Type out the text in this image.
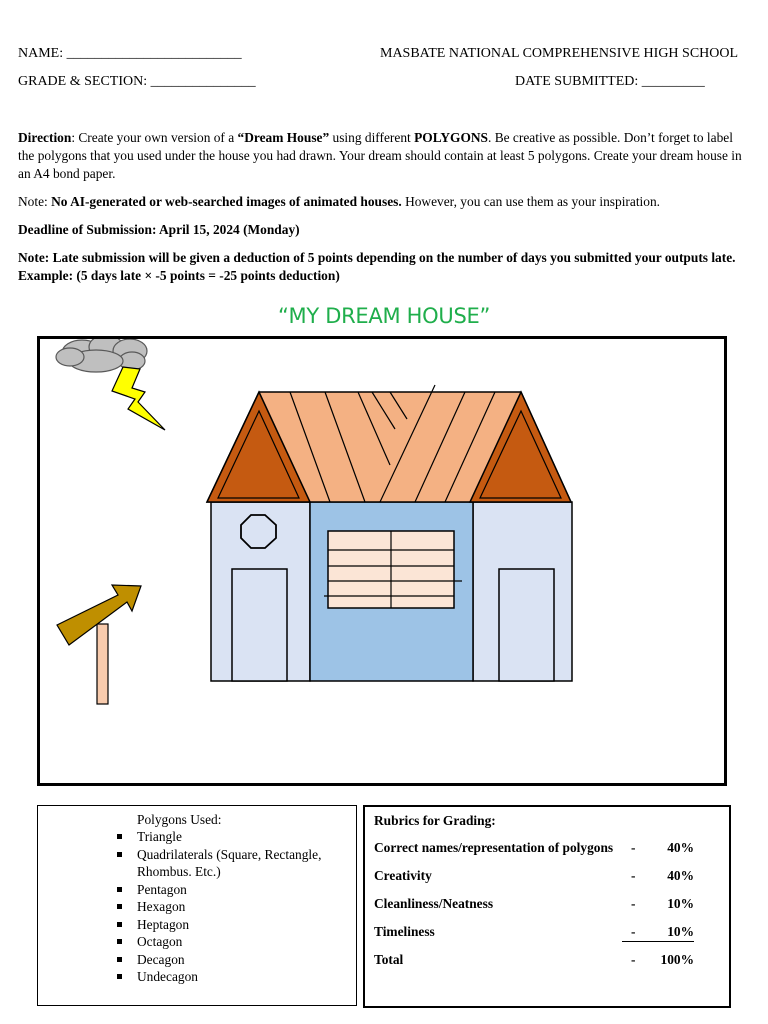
NAME: _________________________	MASBATE NATIONAL COMPREHENSIVE HIGH SCHOOL
GRADE & SECTION: _______________	DATE SUBMITTED: _________

Direction: Create your own version of a “Dream House” using different POLYGONS. Be creative as possible. Don’t forget to label the polygons that you used under the house you had drawn. Your dream should contain at least 5 polygons. Create your dream house in an A4 bond paper.

Note: No AI-generated or web-searched images of animated houses. However, you can use them as your inspiration.

Deadline of Submission: April 15, 2024 (Monday)

Note: Late submission will be given a deduction of 5 points depending on the number of days you submitted your outputs late. Example: (5 days late × -5 points = -25 points deduction)

“MY DREAM HOUSE”
Polygons Used:
Triangle
Quadrilaterals (Square, Rectangle, Rhombus. Etc.)
Pentagon
Hexagon
Heptagon
Octagon
Decagon
Undecagon
Rubrics for Grading:
Correct names/representation of polygons - 40%
Creativity	- 40%
Cleanliness/Neatness	- 10%
Timeliness	- 10%
Total	- 100%
